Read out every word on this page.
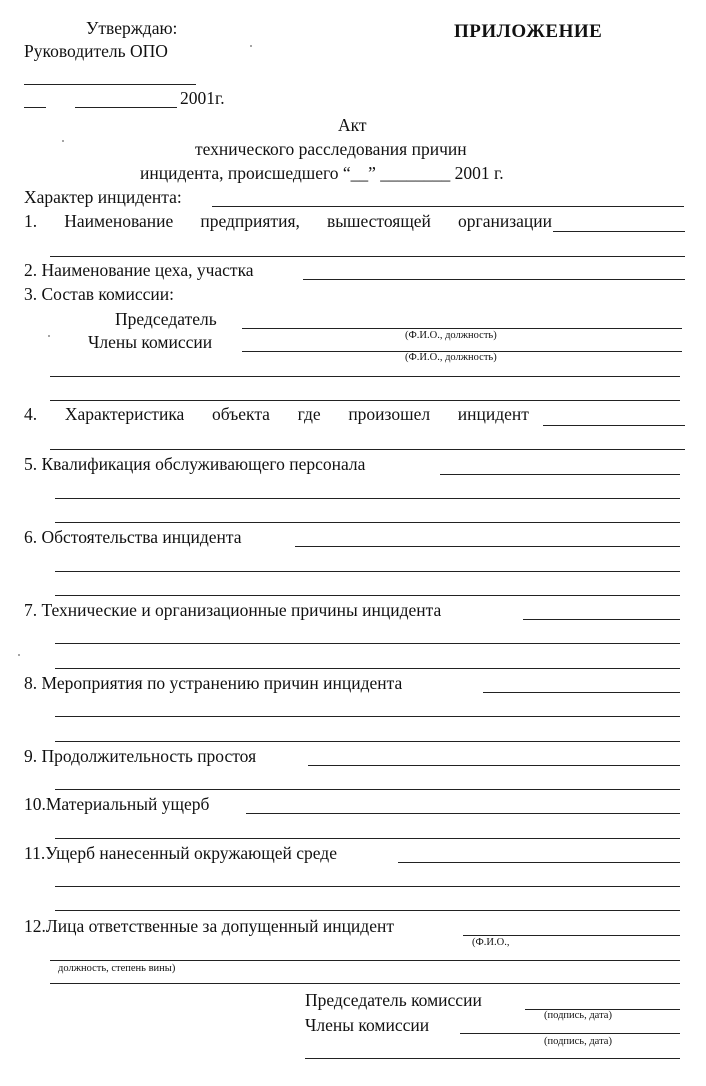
Утверждаю:	ПРИЛОЖЕНИЕ
Руководитель ОПО
2001г.
Акт
технического расследования причин
инцидента, происшедшего “__” ________ 2001 г.
Характер инцидента:
1. Наименование предприятия, вышестоящей организации
2. Наименование цеха, участка
3. Состав комиссии:
Председатель
(Ф.И.О., должность)
Члены комиссии
(Ф.И.О., должность)
4. Характеристика объекта где произошел инцидент
5. Квалификация обслуживающего персонала
6. Обстоятельства инцидента
7. Технические и организационные причины инцидента
8. Мероприятия по устранению причин инцидента
9. Продолжительность простоя
10.Материальный ущерб
11.Ущерб нанесенный окружающей среде
12.Лица ответственные за допущенный инцидент
(Ф.И.О.,
должность, степень вины)
Председатель комиссии
(подпись, дата)
Члены комиссии
(подпись, дата)
